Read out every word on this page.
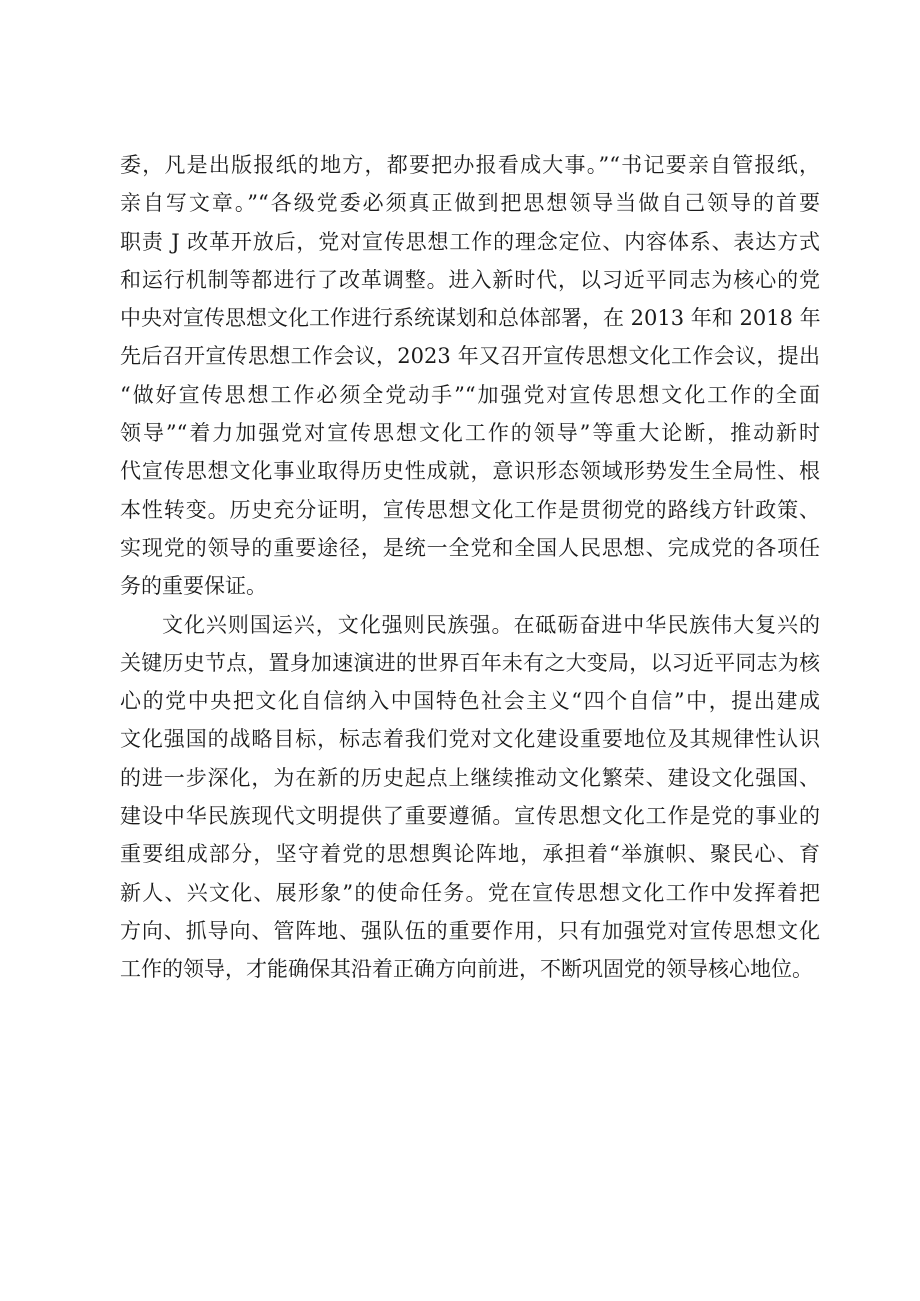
委，凡是出版报纸的地方，都要把办报看成大事。”“书记要亲自管报纸，
亲自写文章。”“各级党委必须真正做到把思想领导当做自己领导的首要
职责 J 改革开放后，党对宣传思想工作的理念定位、内容体系、表达方式
和运行机制等都进行了改革调整。进入新时代，以习近平同志为核心的党
中央对宣传思想文化工作进行系统谋划和总体部署，在 2013 年和 2018 年
先后召开宣传思想工作会议，2023 年又召开宣传思想文化工作会议，提出
“做好宣传思想工作必须全党动手”“加强党对宣传思想文化工作的全面
领导”“着力加强党对宣传思想文化工作的领导”等重大论断，推动新时
代宣传思想文化事业取得历史性成就，意识形态领域形势发生全局性、根
本性转变。历史充分证明，宣传思想文化工作是贯彻党的路线方针政策、
实现党的领导的重要途径，是统一全党和全国人民思想、完成党的各项任
务的重要保证。
文化兴则国运兴，文化强则民族强。在砥砺奋进中华民族伟大复兴的
关键历史节点，置身加速演进的世界百年未有之大变局，以习近平同志为核
心的党中央把文化自信纳入中国特色社会主义“四个自信”中，提出建成
文化强国的战略目标，标志着我们党对文化建设重要地位及其规律性认识
的进一步深化，为在新的历史起点上继续推动文化繁荣、建设文化强国、
建设中华民族现代文明提供了重要遵循。宣传思想文化工作是党的事业的
重要组成部分，坚守着党的思想舆论阵地，承担着“举旗帜、聚民心、育
新人、兴文化、展形象”的使命任务。党在宣传思想文化工作中发挥着把
方向、抓导向、管阵地、强队伍的重要作用，只有加强党对宣传思想文化
工作的领导，才能确保其沿着正确方向前进，不断巩固党的领导核心地位。
